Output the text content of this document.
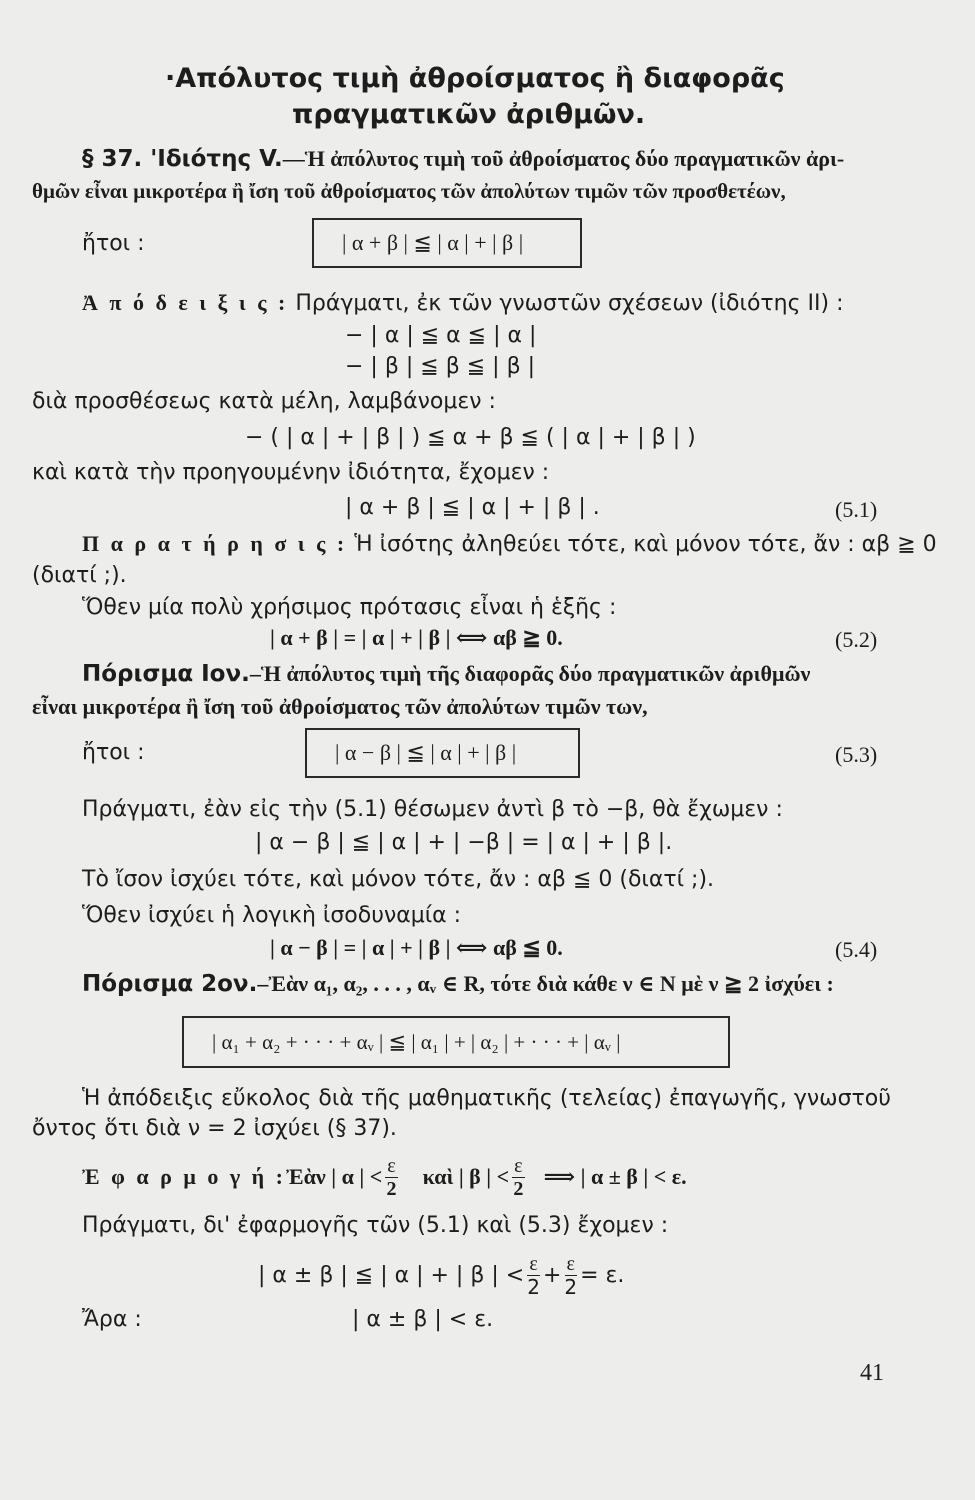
·Απόλυτος τιμὴ ἀθροίσματος ἢ διαφορᾶς
πραγματικῶν ἀριθμῶν.
§ 37. 'Ιδιότης V.—Ἡ ἀπόλυτος τιμὴ τοῦ ἀθροίσματος δύο πραγματικῶν ἀρι-
θμῶν εἶναι μικροτέρα ἢ ἴση τοῦ ἀθροίσματος τῶν ἀπολύτων τιμῶν τῶν προσθετέων,
ἤτοι :	| α + β | ≦ | α | + | β |
Ἀ π ό δ ε ι ξ ι ς : Πράγματι, ἐκ τῶν γνωστῶν σχέσεων (ἰδιότης II) :
− | α | ≦ α ≦ | α |
− | β | ≦ β ≦ | β |
διὰ προσθέσεως κατὰ μέλη, λαμβάνομεν :
− ( | α | + | β | ) ≦ α + β ≦ ( | α | + | β | )
καὶ κατὰ τὴν προηγουμένην ἰδιότητα, ἔχομεν :
| α + β | ≦ | α | + | β | .	(5.1)
Π α ρ α τ ή ρ η σ ι ς : Ἡ ἰσότης ἀληθεύει τότε, καὶ μόνον τότε, ἄν : αβ ≧ 0
(διατί ;).
Ὅθεν μία πολὺ χρήσιμος πρότασις εἶναι ἡ ἑξῆς :
| α + β | = | α | + | β | ⟺ αβ ≧ 0.	(5.2)
Πόρισμα Ιον.–Ἡ ἀπόλυτος τιμὴ τῆς διαφορᾶς δύο πραγματικῶν ἀριθμῶν
εἶναι μικροτέρα ἢ ἴση τοῦ ἀθροίσματος τῶν ἀπολύτων τιμῶν των,
ἤτοι :	| α − β | ≦ | α | + | β |	(5.3)
Πράγματι, ἐὰν εἰς τὴν (5.1) θέσωμεν ἀντὶ β τὸ −β, θὰ ἔχωμεν :
| α − β | ≦ | α | + | −β | = | α | + | β |.
Τὸ ἴσον ἰσχύει τότε, καὶ μόνον τότε, ἄν : αβ ≦ 0 (διατί ;).
Ὅθεν ἰσχύει ἡ λογικὴ ἰσοδυναμία :
| α − β | = | α | + | β | ⟺ αβ ≦ 0.	(5.4)
Πόρισμα 2ον.–Ἐὰν α₁, α₂, . . . , αᵥ ∈ R, τότε διὰ κάθε ν ∈ N μὲ ν ≧ 2 ἰσχύει :
| α₁ + α₂ + · · · + αᵥ | ≦ | α₁ | + | α₂ | + · · · + | αᵥ |
Ἡ ἀπόδειξις εὔκολος διὰ τῆς μαθηματικῆς (τελείας) ἐπαγωγῆς, γνωστοῦ
ὄντος ὅτι διὰ ν = 2 ἰσχύει (§ 37).
Ἐ φ α ρ μ ο γ ή : Ἐὰν | α | < $\frac{\varepsilon}{2}$ καὶ | β | < $\frac{\varepsilon}{2}$ ⟹ | α ± β | < ε.
Πράγματι, δι' ἐφαρμογῆς τῶν (5.1) καὶ (5.3) ἔχομεν :
| α ± β | ≦ | α | + | β | < $\frac{\varepsilon}{2} + \frac{\varepsilon}{2} = \varepsilon$.
Ἄρα :	| α ± β | < ε.
41
